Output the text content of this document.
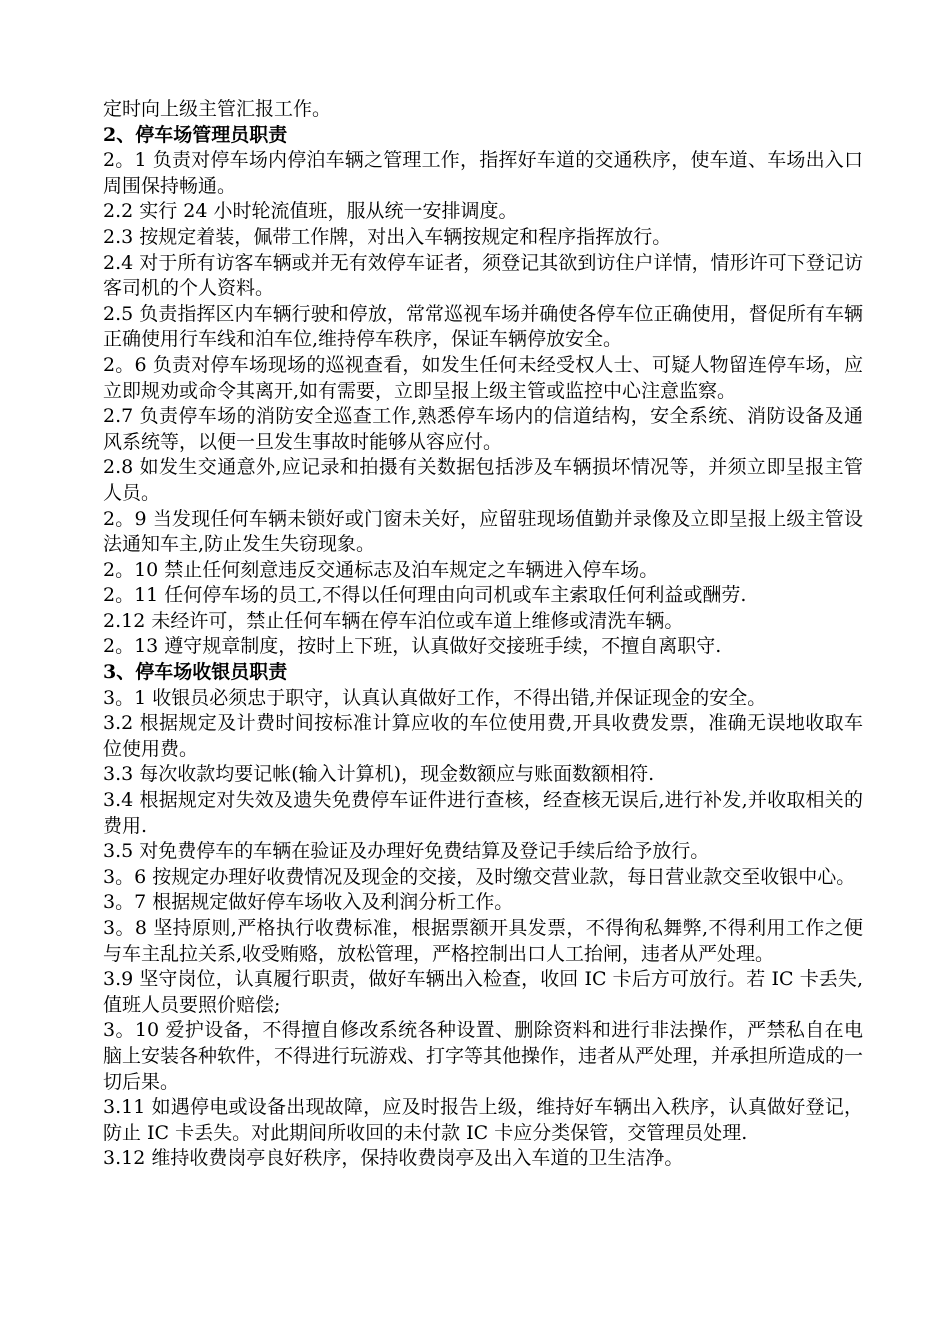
定时向上级主管汇报工作。

2、停车场管理员职责

2。1 负责对停车场内停泊车辆之管理工作，指挥好车道的交通秩序，使车道、车场出入口周围保持畅通。

2.2 实行 24 小时轮流值班，服从统一安排调度。

2.3 按规定着装，佩带工作牌，对出入车辆按规定和程序指挥放行。

2.4 对于所有访客车辆或并无有效停车证者，须登记其欲到访住户详情，情形许可下登记访客司机的个人资料。

2.5 负责指挥区内车辆行驶和停放，常常巡视车场并确使各停车位正确使用，督促所有车辆正确使用行车线和泊车位,维持停车秩序，保证车辆停放安全。

2。6 负责对停车场现场的巡视查看，如发生任何未经受权人士、可疑人物留连停车场，应立即规劝或命令其离开,如有需要，立即呈报上级主管或监控中心注意监察。

2.7 负责停车场的消防安全巡查工作,熟悉停车场内的信道结构，安全系统、消防设备及通风系统等，以便一旦发生事故时能够从容应付。

2.8 如发生交通意外,应记录和拍摄有关数据包括涉及车辆损坏情况等，并须立即呈报主管人员。

2。9 当发现任何车辆未锁好或门窗未关好，应留驻现场值勤并录像及立即呈报上级主管设法通知车主,防止发生失窃现象。

2。10 禁止任何刻意违反交通标志及泊车规定之车辆进入停车场。

2。11 任何停车场的员工,不得以任何理由向司机或车主索取任何利益或酬劳.

2.12 未经许可，禁止任何车辆在停车泊位或车道上维修或清洗车辆。

2。13 遵守规章制度，按时上下班，认真做好交接班手续，不擅自离职守.

3、停车场收银员职责

3。1 收银员必须忠于职守，认真认真做好工作，不得出错,并保证现金的安全。

3.2 根据规定及计费时间按标准计算应收的车位使用费,开具收费发票，准确无误地收取车位使用费。

3.3 每次收款均要记帐(输入计算机)，现金数额应与账面数额相符.

3.4 根据规定对失效及遗失免费停车证件进行查核，经查核无误后,进行补发,并收取相关的费用.

3.5 对免费停车的车辆在验证及办理好免费结算及登记手续后给予放行。

3。6 按规定办理好收费情况及现金的交接，及时缴交营业款，每日营业款交至收银中心。

3。7 根据规定做好停车场收入及利润分析工作。

3。8 坚持原则,严格执行收费标准，根据票额开具发票，不得徇私舞弊,不得利用工作之便与车主乱拉关系,收受贿赂，放松管理，严格控制出口人工抬闸，违者从严处理。

3.9 坚守岗位，认真履行职责，做好车辆出入检查，收回 IC 卡后方可放行。若 IC 卡丢失,值班人员要照价赔偿;

3。10 爱护设备，不得擅自修改系统各种设置、删除资料和进行非法操作，严禁私自在电脑上安装各种软件，不得进行玩游戏、打字等其他操作，违者从严处理，并承担所造成的一切后果。

3.11 如遇停电或设备出现故障，应及时报告上级，维持好车辆出入秩序，认真做好登记，防止 IC 卡丢失。对此期间所收回的未付款 IC 卡应分类保管，交管理员处理.

3.12 维持收费岗亭良好秩序，保持收费岗亭及出入车道的卫生洁净。
